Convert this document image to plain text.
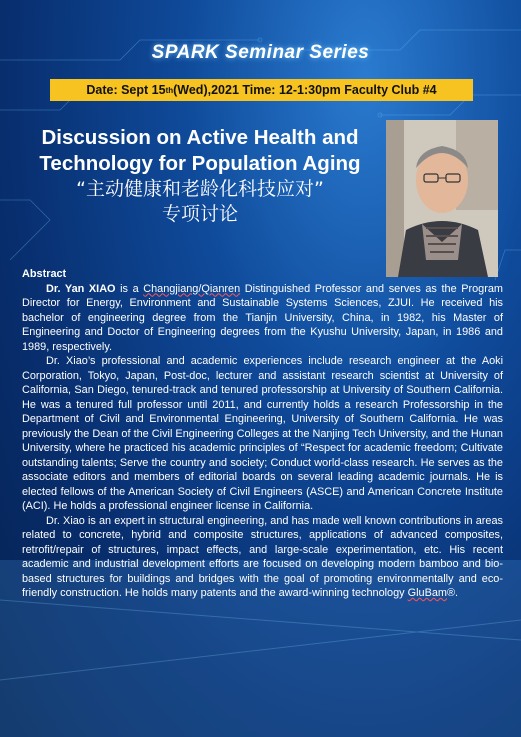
SPARK Seminar Series
Date: Sept 15 th (Wed),2021 Time: 12-1:30pm Faculty Club #4
Discussion on Active Health and
Technology for Population Aging
“主动健康和老龄化科技应对”
专项讨论
Abstract

Dr. Yan XIAO is a Changjiang/Qianren Distinguished Professor and serves as the Program Director for Energy, Environment and Sustainable Systems Sciences, ZJUI. He received his bachelor of engineering degree from the Tianjin University, China, in 1982, his Master of Engineering and Doctor of Engineering degrees from the Kyushu University, Japan, in 1986 and 1989, respectively.

Dr. Xiao’s professional and academic experiences include research engineer at the Aoki Corporation, Tokyo, Japan, Post-doc, lecturer and assistant research scientist at University of California, San Diego, tenured-track and tenured professorship at University of Southern California. He was a tenured full professor until 2011, and currently holds a research Professorship in the Department of Civil and Environmental Engineering, University of Southern California. He was previously the Dean of the Civil Engineering Colleges at the Nanjing Tech University, and the Hunan University, where he practiced his academic principles of “Respect for academic freedom; Cultivate outstanding talents; Serve the country and society; Conduct world-class research. He serves as the associate editors and members of editorial boards on several leading academic journals. He is elected fellows of the American Society of Civil Engineers (ASCE) and American Concrete Institute (ACI). He holds a professional engineer license in California.

Dr. Xiao is an expert in structural engineering, and has made well known contributions in areas related to concrete, hybrid and composite structures, applications of advanced composites, retrofit/repair of structures, impact effects, and large-scale experimentation, etc. His recent academic and industrial development efforts are focused on developing modern bamboo and bio-based structures for buildings and bridges with the goal of promoting environmentally and eco-friendly construction. He holds many patents and the award-winning technology GluBam®.
